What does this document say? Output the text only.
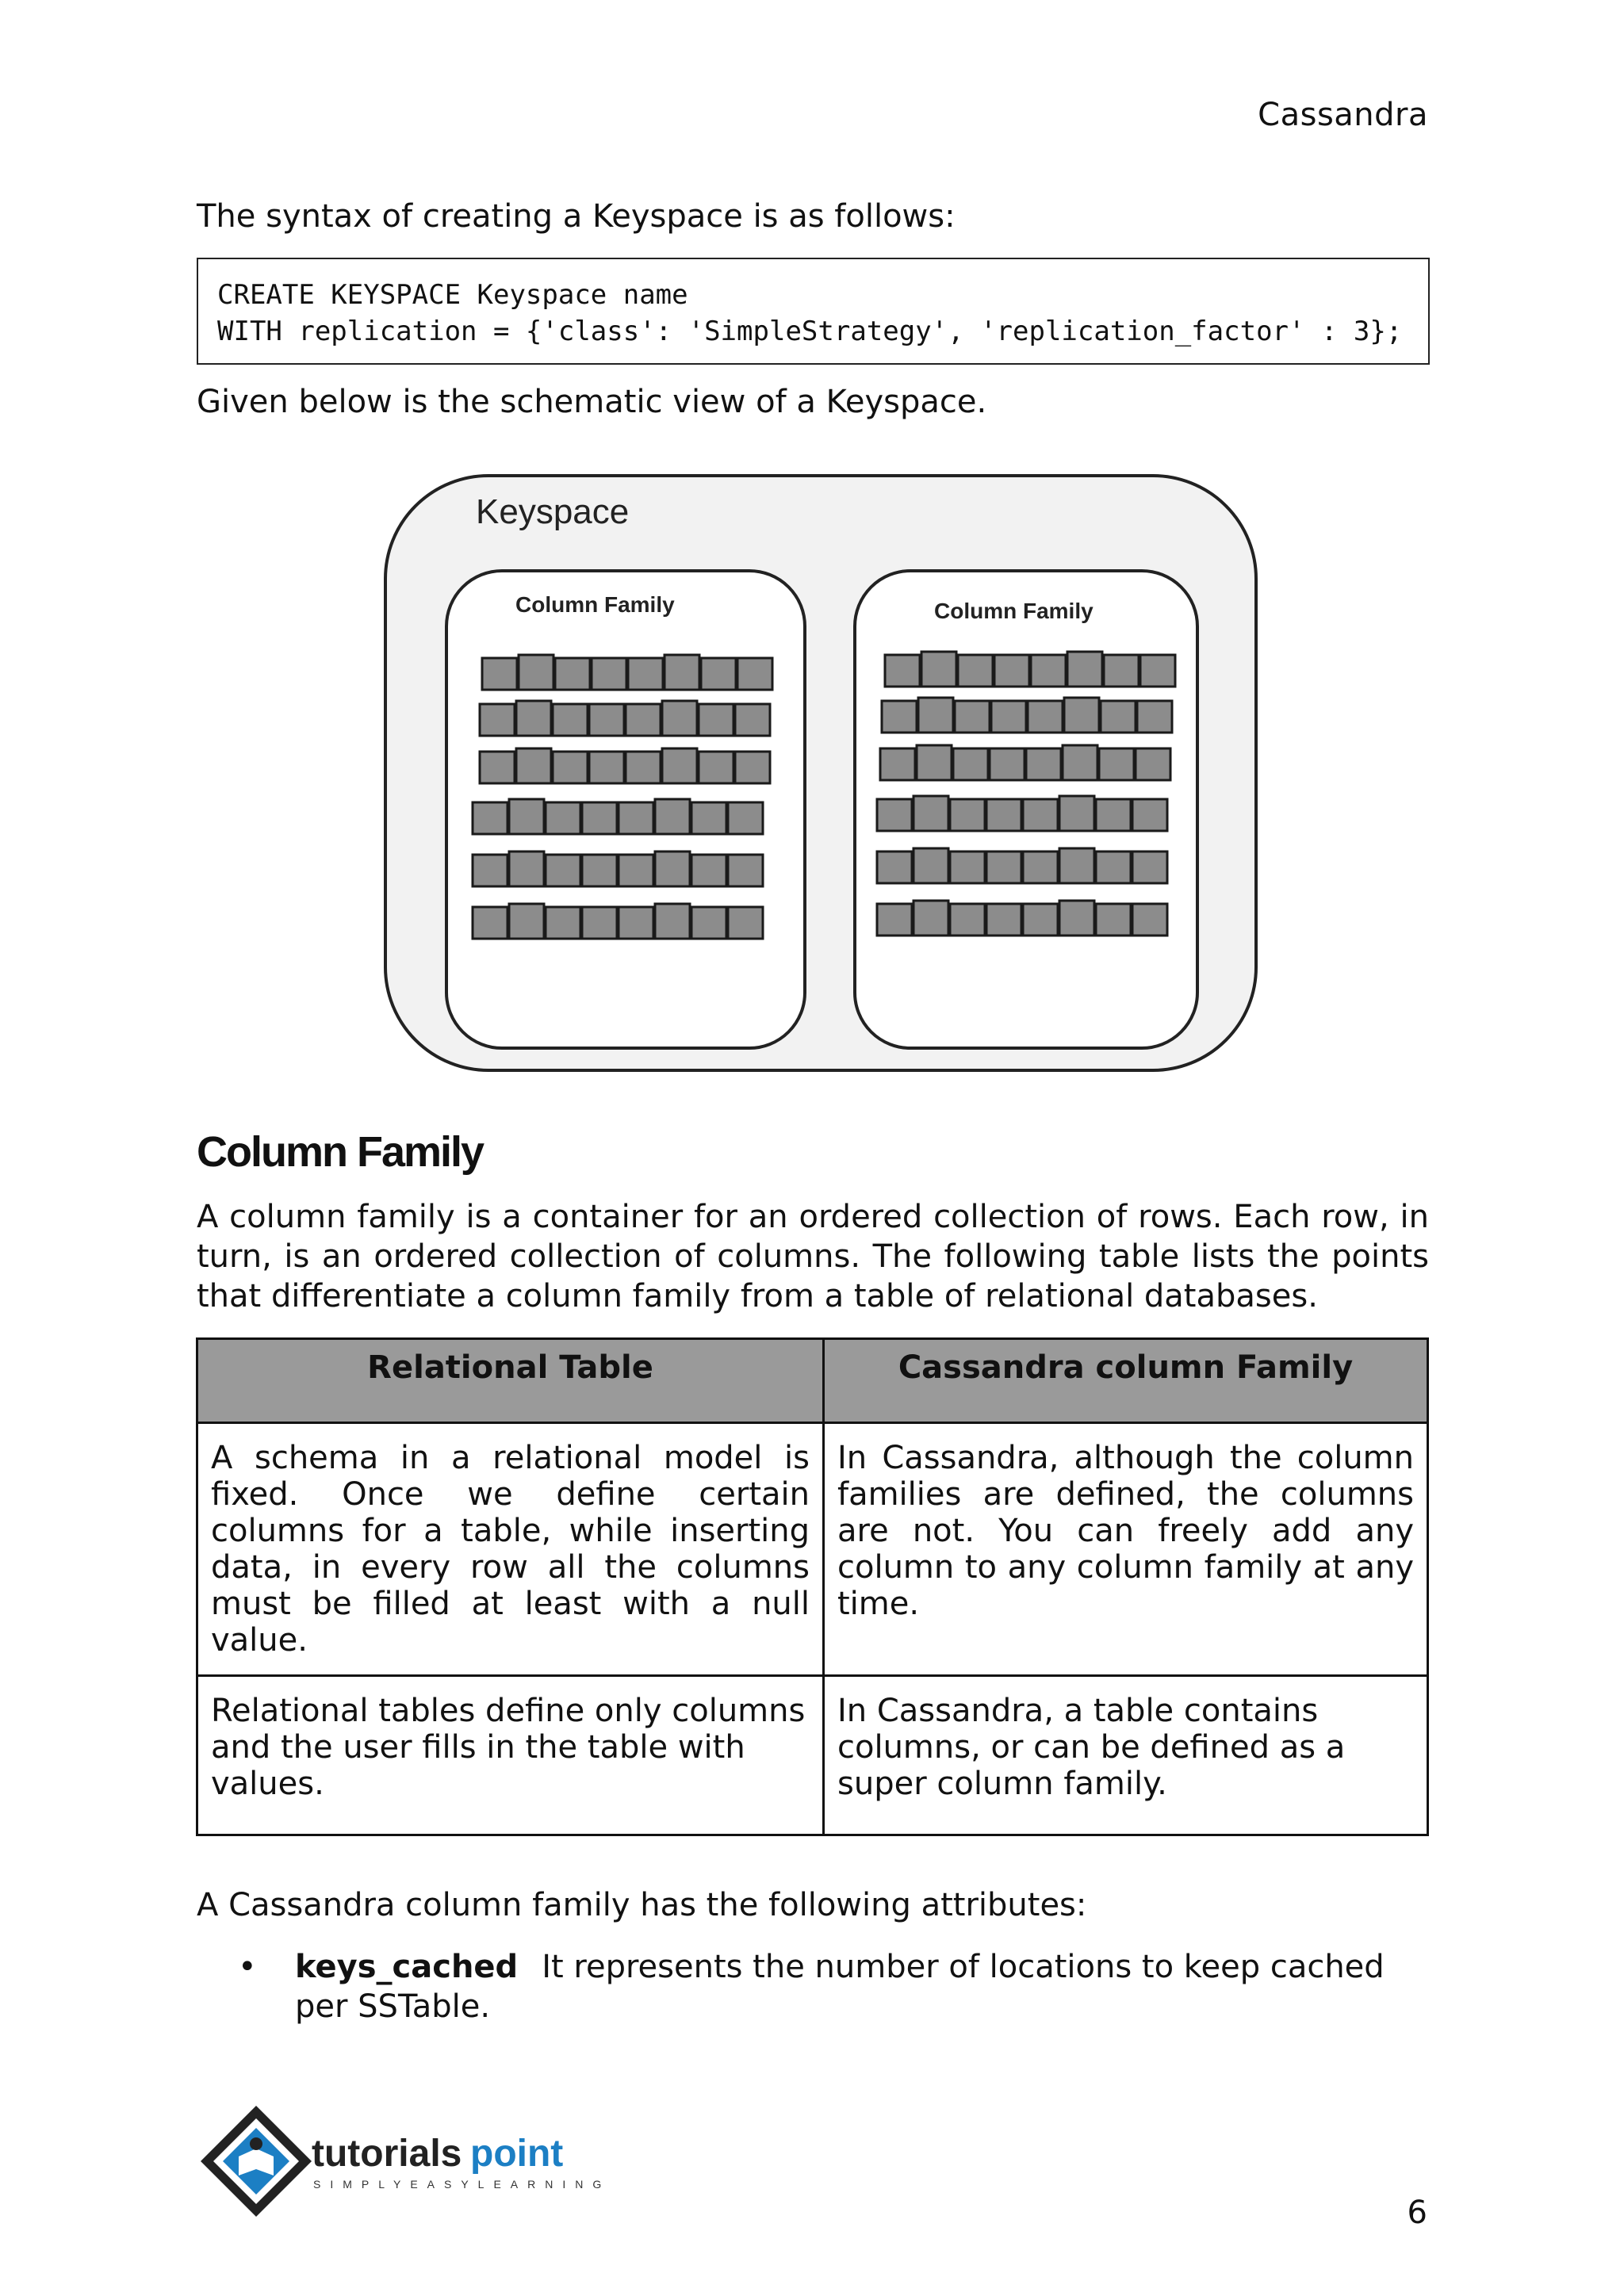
Cassandra

The syntax of creating a Keyspace is as follows:

CREATE KEYSPACE Keyspace name
WITH replication = {'class': 'SimpleStrategy', 'replication_factor' : 3};

Given below is the schematic view of a Keyspace.

Keyspace
Column Family	Column Family
Column Family

A column family is a container for an ordered collection of rows. Each row, in turn, is an ordered collection of columns. The following table lists the points that differentiate a column family from a table of relational databases.

Relational Table	Cassandra column Family
A schema in a relational model is fixed. Once we define certain columns for a table, while inserting data, in every row all the columns must be filled at least with a null value.	In Cassandra, although the column families are defined, the columns are not. You can freely add any column to any column family at any time.
Relational tables define only columns and the user fills in the table with values.	In Cassandra, a table contains columns, or can be defined as a super column family.

A Cassandra column family has the following attributes:

• keys_cached It represents the number of locations to keep cached per SSTable.
tutorials point
SIMPLYEASYLEARNING
6
